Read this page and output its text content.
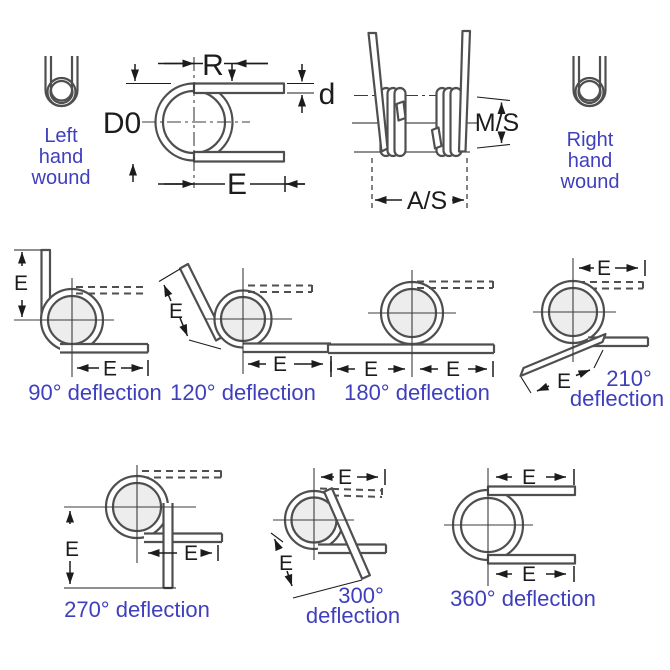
Left
hand
wound
Right
hand
wound
R
d
D0
E
M/S
A/S
E
E
90° deflection
E
E
120° deflection
E	E
180° deflection
E
E 210°
deflection
E	E
270° deflection
E
E
300°
deflection
E
E
360° deflection
